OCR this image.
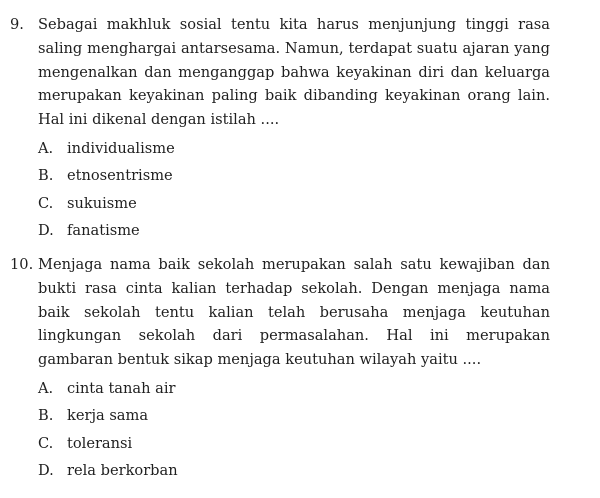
9. Sebagai makhluk sosial tentu kita harus menjunjung tinggi rasa saling menghargai antarsesama. Namun, terdapat suatu ajaran yang mengenalkan dan menganggap bahwa keyakinan diri dan keluarga merupakan keyakinan paling baik dibanding keyakinan orang lain. Hal ini dikenal dengan istilah ....
A. individualisme
B. etnosentrisme
C. sukuisme
D. fanatisme
10. Menjaga nama baik sekolah merupakan salah satu kewajiban dan bukti rasa cinta kalian terhadap sekolah. Dengan menjaga nama baik sekolah tentu kalian telah berusaha menjaga keutuhan lingkungan sekolah dari permasalahan. Hal ini merupakan gambaran bentuk sikap menjaga keutuhan wilayah yaitu ....
A. cinta tanah air
B. kerja sama
C. toleransi
D. rela berkorban
